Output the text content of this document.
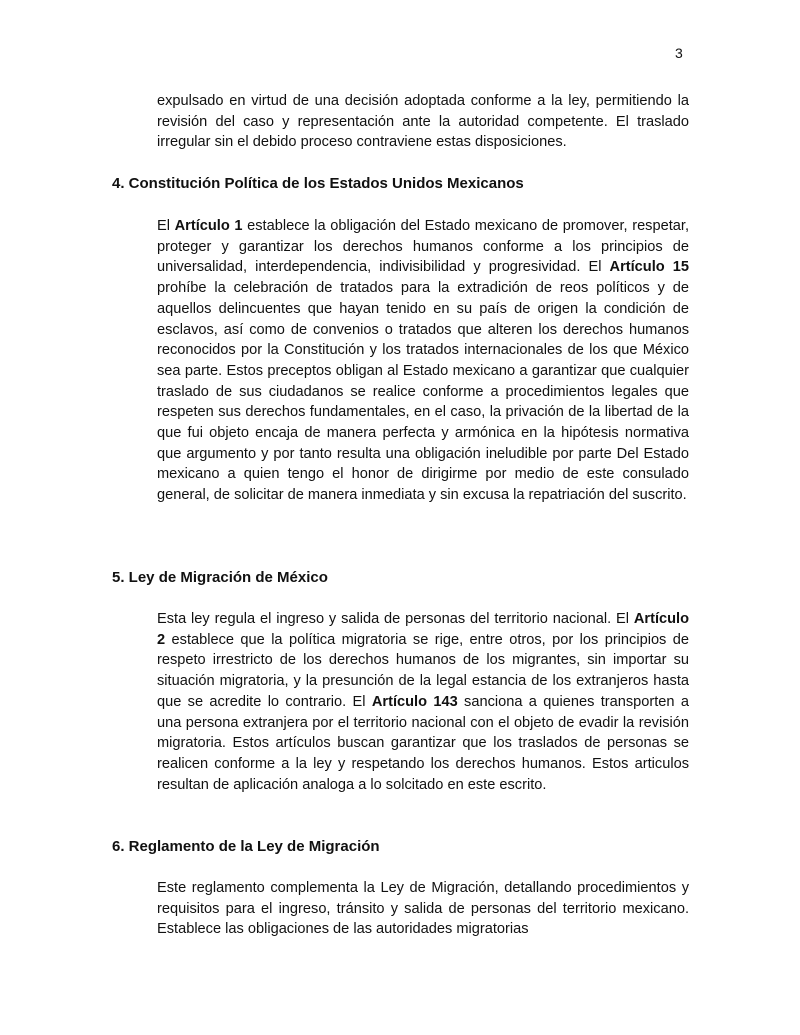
3

expulsado en virtud de una decisión adoptada conforme a la ley, permitiendo la revisión del caso y representación ante la autoridad competente. El traslado irregular sin el debido proceso contraviene estas disposiciones.

4. Constitución Política de los Estados Unidos Mexicanos

El Artículo 1 establece la obligación del Estado mexicano de promover, respetar, proteger y garantizar los derechos humanos conforme a los principios de universalidad, interdependencia, indivisibilidad y progresividad. El Artículo 15 prohíbe la celebración de tratados para la extradición de reos políticos y de aquellos delincuentes que hayan tenido en su país de origen la condición de esclavos, así como de convenios o tratados que alteren los derechos humanos reconocidos por la Constitución y los tratados internacionales de los que México sea parte. Estos preceptos obligan al Estado mexicano a garantizar que cualquier traslado de sus ciudadanos se realice conforme a procedimientos legales que respeten sus derechos fundamentales, en el caso, la privación de la libertad de la que fui objeto encaja de manera perfecta y armónica en la hipótesis normativa que argumento y por tanto resulta una obligación ineludible por parte Del Estado mexicano a quien tengo el honor de dirigirme por medio de este consulado general, de solicitar de manera inmediata y sin excusa la repatriación del suscrito.

5. Ley de Migración de México

Esta ley regula el ingreso y salida de personas del territorio nacional. El Artículo 2 establece que la política migratoria se rige, entre otros, por los principios de respeto irrestricto de los derechos humanos de los migrantes, sin importar su situación migratoria, y la presunción de la legal estancia de los extranjeros hasta que se acredite lo contrario. El Artículo 143 sanciona a quienes transporten a una persona extranjera por el territorio nacional con el objeto de evadir la revisión migratoria. Estos artículos buscan garantizar que los traslados de personas se realicen conforme a la ley y respetando los derechos humanos. Estos articulos resultan de aplicación analoga a lo solcitado en este escrito.

6. Reglamento de la Ley de Migración

Este reglamento complementa la Ley de Migración, detallando procedimientos y requisitos para el ingreso, tránsito y salida de personas del territorio mexicano. Establece las obligaciones de las autoridades migratorias
